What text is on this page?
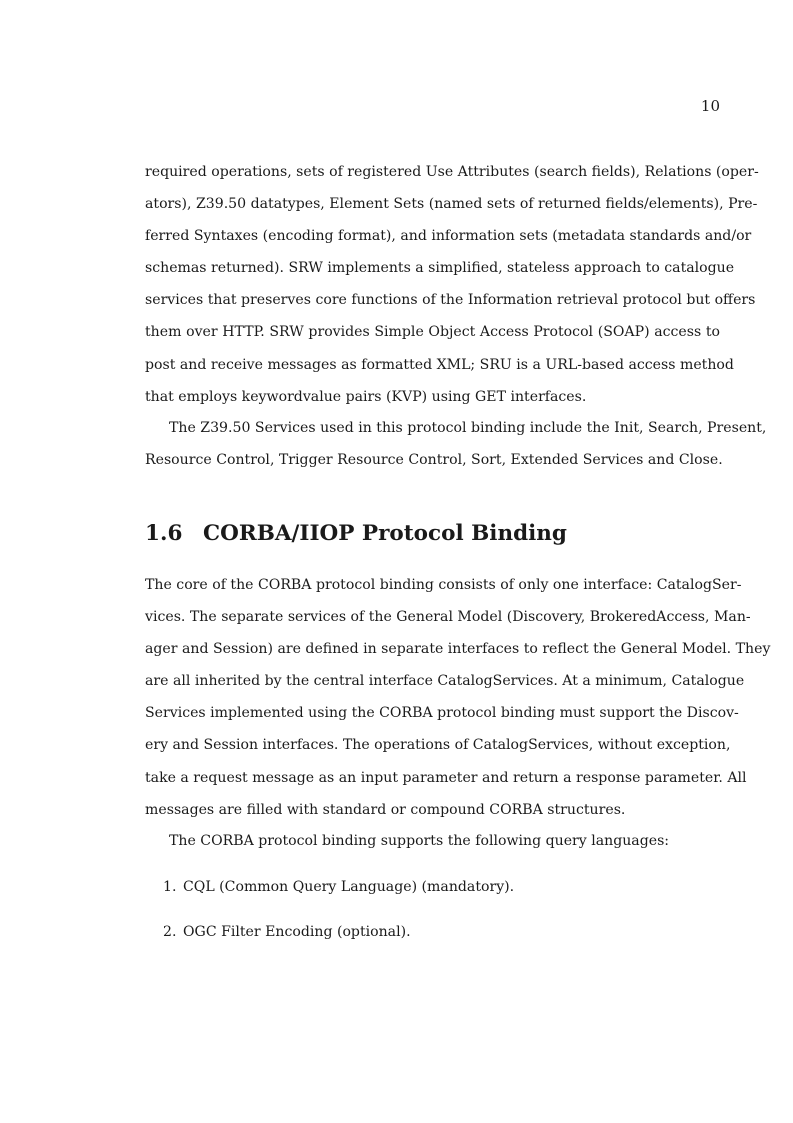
10

required operations, sets of registered Use Attributes (search fields), Relations (oper-
ators), Z39.50 datatypes, Element Sets (named sets of returned fields/elements), Pre-
ferred Syntaxes (encoding format), and information sets (metadata standards and/or
schemas returned). SRW implements a simplified, stateless approach to catalogue
services that preserves core functions of the Information retrieval protocol but offers
them over HTTP. SRW provides Simple Object Access Protocol (SOAP) access to
post and receive messages as formatted XML; SRU is a URL-based access method
that employs keywordvalue pairs (KVP) using GET interfaces.

The Z39.50 Services used in this protocol binding include the Init, Search, Present,
Resource Control, Trigger Resource Control, Sort, Extended Services and Close.

1.6 CORBA/IIOP Protocol Binding

The core of the CORBA protocol binding consists of only one interface: CatalogSer-
vices. The separate services of the General Model (Discovery, BrokeredAccess, Man-
ager and Session) are defined in separate interfaces to reflect the General Model. They
are all inherited by the central interface CatalogServices. At a minimum, Catalogue
Services implemented using the CORBA protocol binding must support the Discov-
ery and Session interfaces. The operations of CatalogServices, without exception,
take a request message as an input parameter and return a response parameter. All
messages are filled with standard or compound CORBA structures.

The CORBA protocol binding supports the following query languages:

1. CQL (Common Query Language) (mandatory).
2. OGC Filter Encoding (optional).
